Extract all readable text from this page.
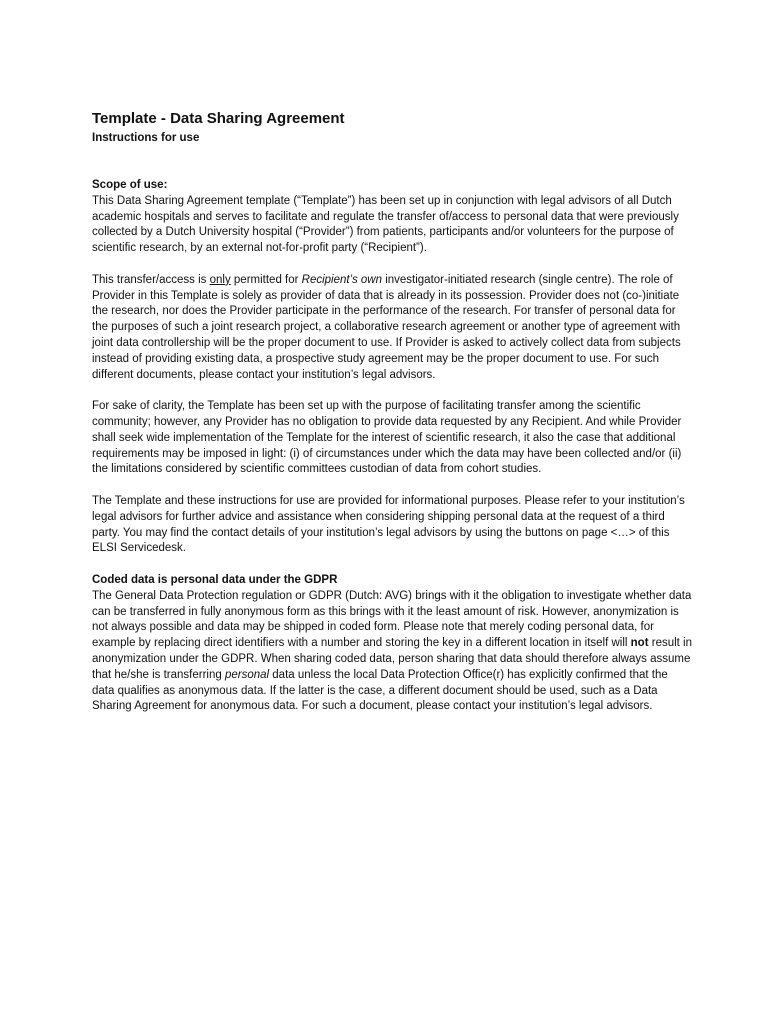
Template - Data Sharing Agreement

Instructions for use

Scope of use:

This Data Sharing Agreement template (“Template”) has been set up in conjunction with legal advisors of all Dutch academic hospitals and serves to facilitate and regulate the transfer of/access to personal data that were previously collected by a Dutch University hospital (“Provider”) from patients, participants and/or volunteers for the purpose of scientific research, by an external not-for-profit party (“Recipient”).

This transfer/access is only permitted for Recipient’s own investigator-initiated research (single centre). The role of Provider in this Template is solely as provider of data that is already in its possession. Provider does not (co-)initiate the research, nor does the Provider participate in the performance of the research. For transfer of personal data for the purposes of such a joint research project, a collaborative research agreement or another type of agreement with joint data controllership will be the proper document to use. If Provider is asked to actively collect data from subjects instead of providing existing data, a prospective study agreement may be the proper document to use. For such different documents, please contact your institution’s legal advisors.

For sake of clarity, the Template has been set up with the purpose of facilitating transfer among the scientific community; however, any Provider has no obligation to provide data requested by any Recipient. And while Provider shall seek wide implementation of the Template for the interest of scientific research, it also the case that additional requirements may be imposed in light: (i) of circumstances under which the data may have been collected and/or (ii) the limitations considered by scientific committees custodian of data from cohort studies.

The Template and these instructions for use are provided for informational purposes. Please refer to your institution’s legal advisors for further advice and assistance when considering shipping personal data at the request of a third party. You may find the contact details of your institution’s legal advisors by using the buttons on page <…> of this ELSI Servicedesk.

Coded data is personal data under the GDPR

The General Data Protection regulation or GDPR (Dutch: AVG) brings with it the obligation to investigate whether data can be transferred in fully anonymous form as this brings with it the least amount of risk. However, anonymization is not always possible and data may be shipped in coded form. Please note that merely coding personal data, for example by replacing direct identifiers with a number and storing the key in a different location in itself will not result in anonymization under the GDPR. When sharing coded data, person sharing that data should therefore always assume that he/she is transferring personal data unless the local Data Protection Office(r) has explicitly confirmed that the data qualifies as anonymous data. If the latter is the case, a different document should be used, such as a Data Sharing Agreement for anonymous data. For such a document, please contact your institution’s legal advisors.
